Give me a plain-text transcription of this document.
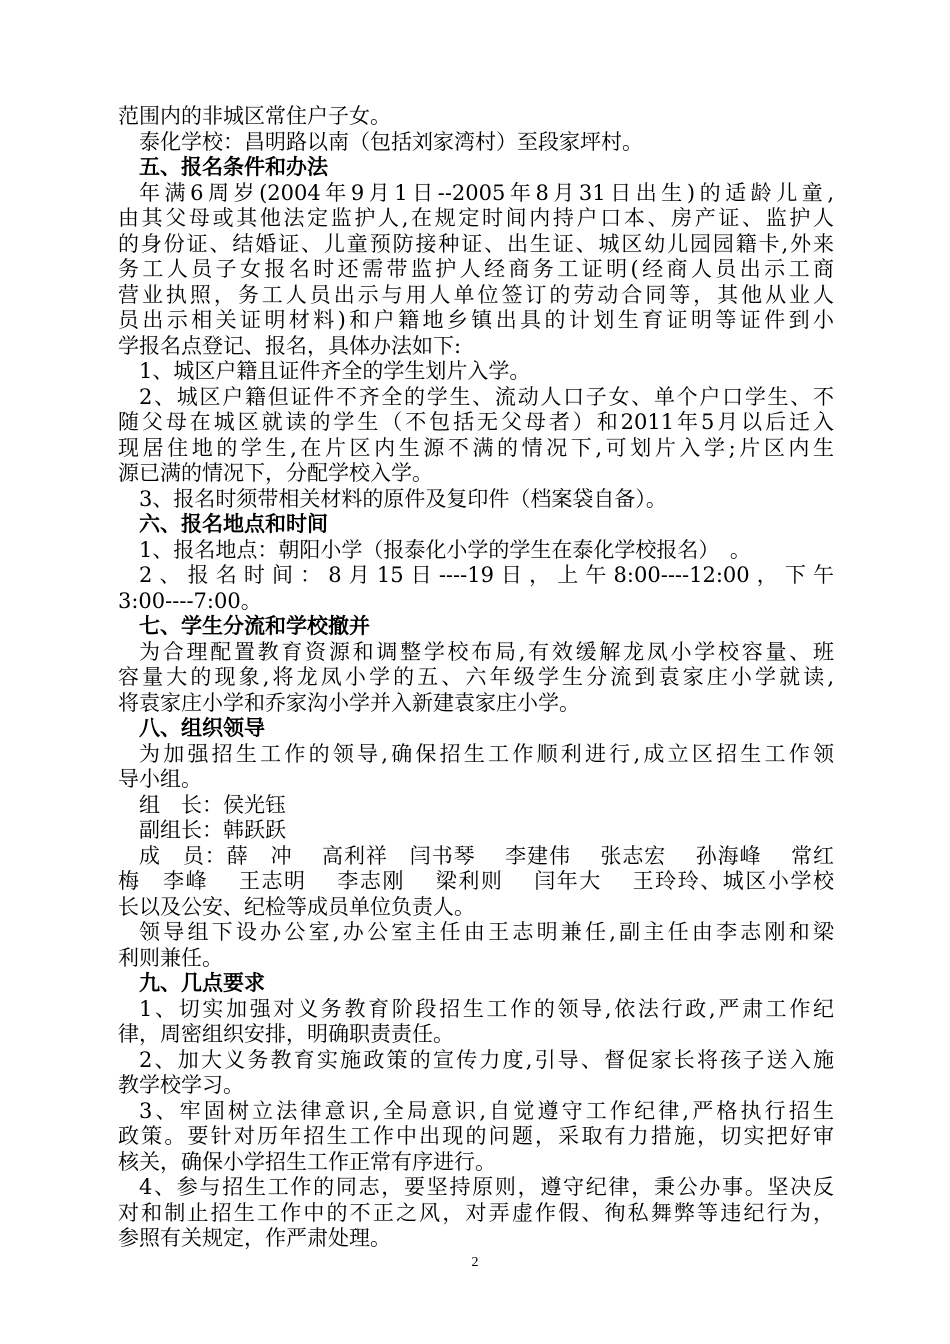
范围内的非城区常住户子女。
泰化学校：昌明路以南（包括刘家湾村）至段家坪村。
五、报名条件和办法
年满6周岁(2004年9月1日--2005年8月31日出生)的适龄儿童,
由其父母或其他法定监护人,在规定时间内持户口本、房产证、监护人
的身份证、结婚证、儿童预防接种证、出生证、城区幼儿园园籍卡,外来
务工人员子女报名时还需带监护人经商务工证明(经商人员出示工商
营业执照，务工人员出示与用人单位签订的劳动合同等，其他从业人
员出示相关证明材料)和户籍地乡镇出具的计划生育证明等证件到小
学报名点登记、报名，具体办法如下:
1、城区户籍且证件齐全的学生划片入学。
2、城区户籍但证件不齐全的学生、流动人口子女、单个户口学生、不
随父母在城区就读的学生（不包括无父母者）和2011年5月以后迁入
现居住地的学生,在片区内生源不满的情况下,可划片入学;片区内生
源已满的情况下，分配学校入学。
3、报名时须带相关材料的原件及复印件（档案袋自备）。
六、报名地点和时间
1、报名地点：朝阳小学（报泰化小学的学生在泰化学校报名）　。
2、报名时间：8月15日----19日，上午8:00----12:00，下午
3:00----7:00。
七、学生分流和学校撤并
为合理配置教育资源和调整学校布局,有效缓解龙凤小学校容量、班
容量大的现象,将龙凤小学的五、六年级学生分流到袁家庄小学就读,
将袁家庄小学和乔家沟小学并入新建袁家庄小学。
八、组织领导
为加强招生工作的领导,确保招生工作顺利进行,成立区招生工作领
导小组。
组　长：侯光钰
副组长：韩跃跃
成　员：薛　冲　 高利祥　闫书琴　 李建伟　 张志宏　 孙海峰　 常红
梅　李峰　 王志明　 李志刚　 梁利则　 闫年大　 王玲玲、城区小学校
长以及公安、纪检等成员单位负责人。
领导组下设办公室,办公室主任由王志明兼任,副主任由李志刚和梁
利则兼任。
九、几点要求
1、切实加强对义务教育阶段招生工作的领导,依法行政,严肃工作纪
律，周密组织安排，明确职责责任。
2、加大义务教育实施政策的宣传力度,引导、督促家长将孩子送入施
教学校学习。
3、牢固树立法律意识,全局意识,自觉遵守工作纪律,严格执行招生
政策。要针对历年招生工作中出现的问题，采取有力措施，切实把好审
核关，确保小学招生工作正常有序进行。
4、参与招生工作的同志，要坚持原则，遵守纪律，秉公办事。坚决反
对和制止招生工作中的不正之风，对弄虚作假、徇私舞弊等违纪行为，
参照有关规定，作严肃处理。
2
